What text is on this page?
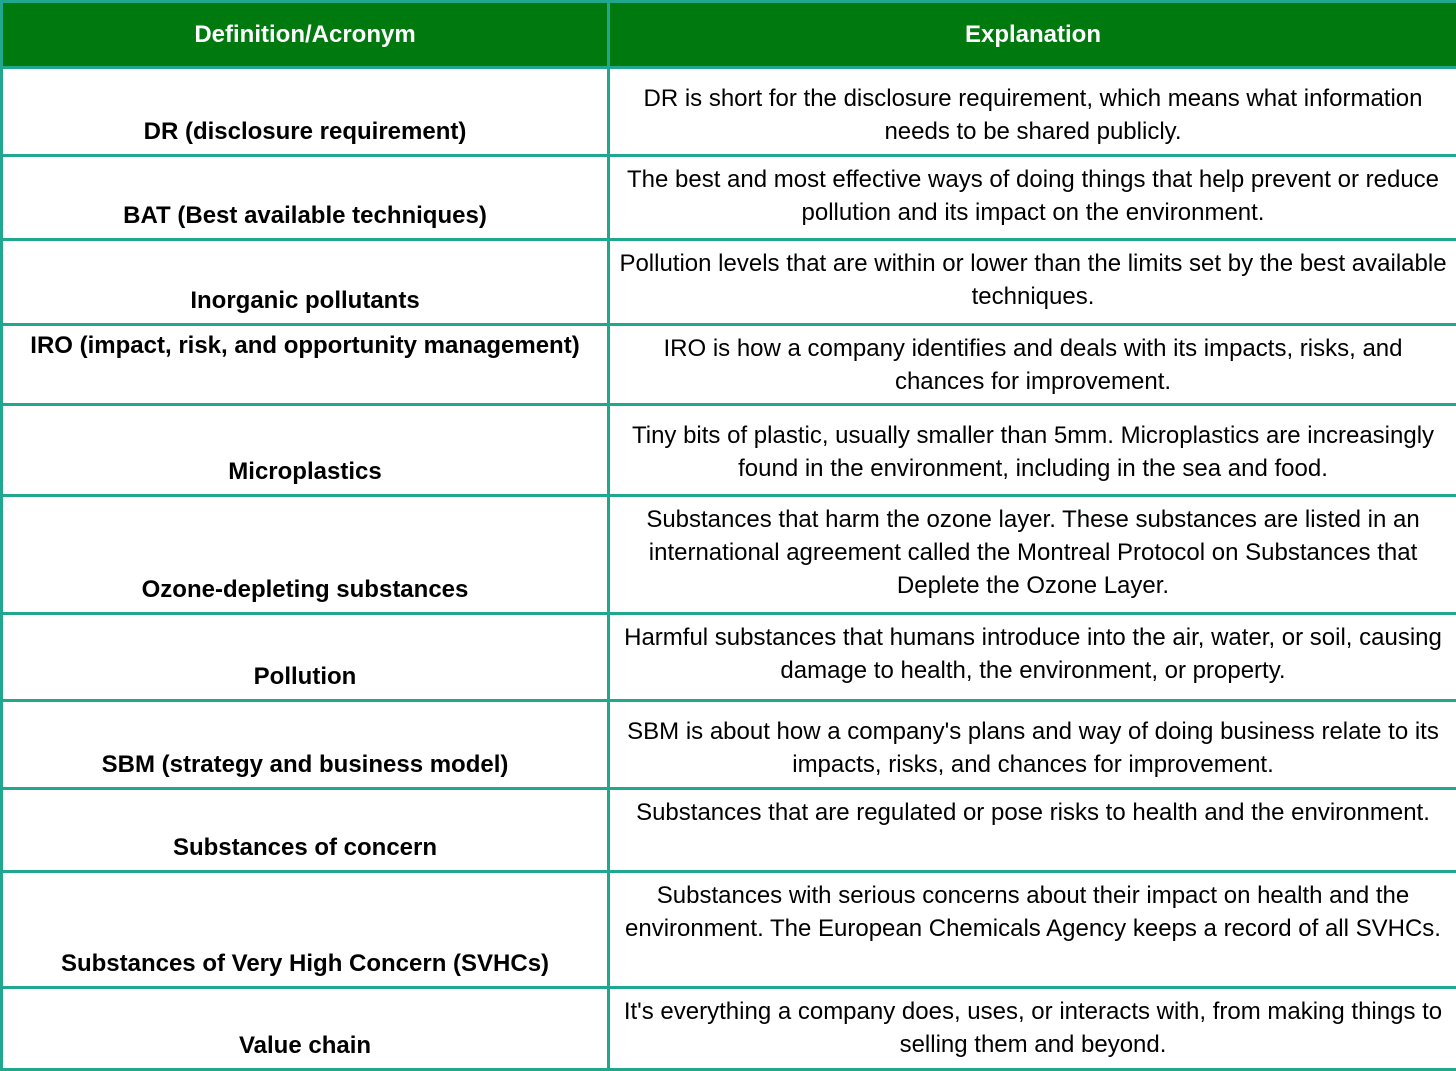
Definition/Acronym	Explanation
DR (disclosure requirement)	DR is short for the disclosure requirement, which means what information needs to be shared publicly.
BAT (Best available techniques)	The best and most effective ways of doing things that help prevent or reduce pollution and its impact on the environment.
Inorganic pollutants	Pollution levels that are within or lower than the limits set by the best available techniques.
IRO (impact, risk, and opportunity management)	IRO is how a company identifies and deals with its impacts, risks, and chances for improvement.
Microplastics	Tiny bits of plastic, usually smaller than 5mm. Microplastics are increasingly found in the environment, including in the sea and food.
Ozone-depleting substances	Substances that harm the ozone layer. These substances are listed in an international agreement called the Montreal Protocol on Substances that Deplete the Ozone Layer.
Pollution	Harmful substances that humans introduce into the air, water, or soil, causing damage to health, the environment, or property.
SBM (strategy and business model)	SBM is about how a company's plans and way of doing business relate to its impacts, risks, and chances for improvement.
Substances of concern	Substances that are regulated or pose risks to health and the environment.
Substances of Very High Concern (SVHCs)	Substances with serious concerns about their impact on health and the environment. The European Chemicals Agency keeps a record of all SVHCs.
Value chain	It's everything a company does, uses, or interacts with, from making things to selling them and beyond.
